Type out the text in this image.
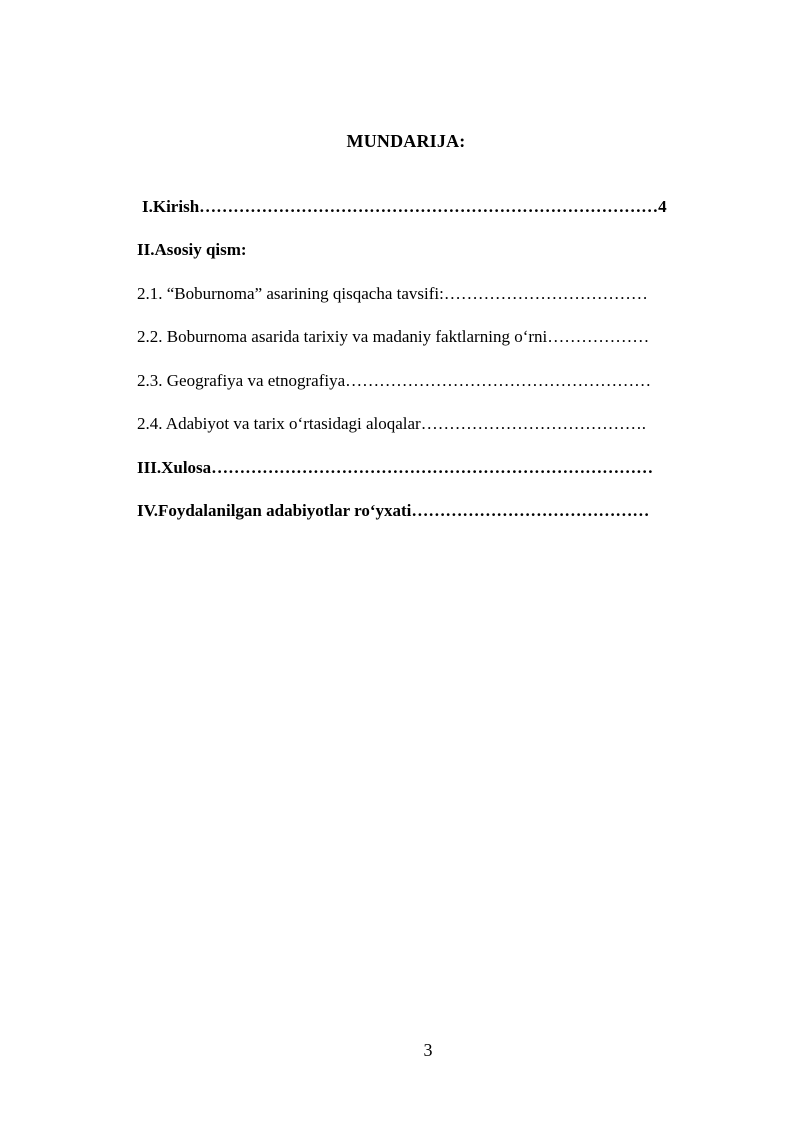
MUNDARIJA:
I.Kirish………………………………………………………………………4
II.Asosiy qism:
2.1. “Boburnoma” asarining qisqacha tavsifi:………………………………
2.2. Boburnoma asarida tarixiy va madaniy faktlarning o‘rni………………
2.3. Geografiya va etnografiya………………………………………………
2.4. Adabiyot va tarix o‘rtasidagi aloqalar………………………………….
III.Xulosa……………………………………………………………………
IV.Foydalanilgan adabiyotlar ro‘yxati……………………………………
3
